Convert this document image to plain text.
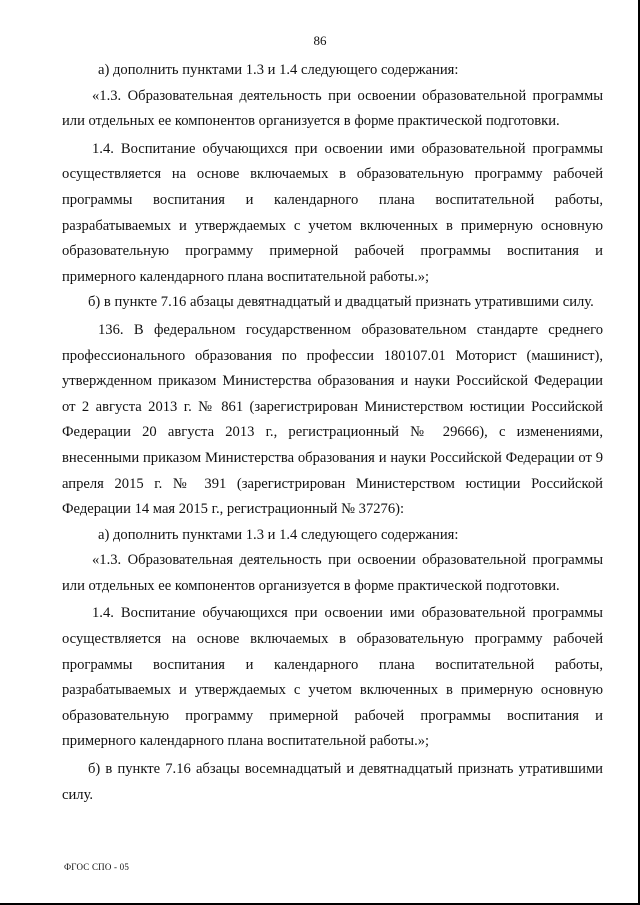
86

а) дополнить пунктами 1.3 и 1.4 следующего содержания:

«1.3. Образовательная деятельность при освоении образовательной программы или отдельных ее компонентов организуется в форме практической подготовки.

1.4. Воспитание обучающихся при освоении ими образовательной программы осуществляется на основе включаемых в образовательную программу рабочей программы воспитания и календарного плана воспитательной работы, разрабатываемых и утверждаемых с учетом включенных в примерную основную образовательную программу примерной рабочей программы воспитания и примерного календарного плана воспитательной работы.»;

б) в пункте 7.16 абзацы девятнадцатый и двадцатый признать утратившими силу.

136. В федеральном государственном образовательном стандарте среднего профессионального образования по профессии 180107.01 Моторист (машинист), утвержденном приказом Министерства образования и науки Российской Федерации от 2 августа 2013 г. № 861 (зарегистрирован Министерством юстиции Российской Федерации 20 августа 2013 г., регистрационный № 29666), с изменениями, внесенными приказом Министерства образования и науки Российской Федерации от 9 апреля 2015 г. № 391 (зарегистрирован Министерством юстиции Российской Федерации 14 мая 2015 г., регистрационный № 37276):

а) дополнить пунктами 1.3 и 1.4 следующего содержания:

«1.3. Образовательная деятельность при освоении образовательной программы или отдельных ее компонентов организуется в форме практической подготовки.

1.4. Воспитание обучающихся при освоении ими образовательной программы осуществляется на основе включаемых в образовательную программу рабочей программы воспитания и календарного плана воспитательной работы, разрабатываемых и утверждаемых с учетом включенных в примерную основную образовательную программу примерной рабочей программы воспитания и примерного календарного плана воспитательной работы.»;

б) в пункте 7.16 абзацы восемнадцатый и девятнадцатый признать утратившими силу.

ФГОС СПО - 05
